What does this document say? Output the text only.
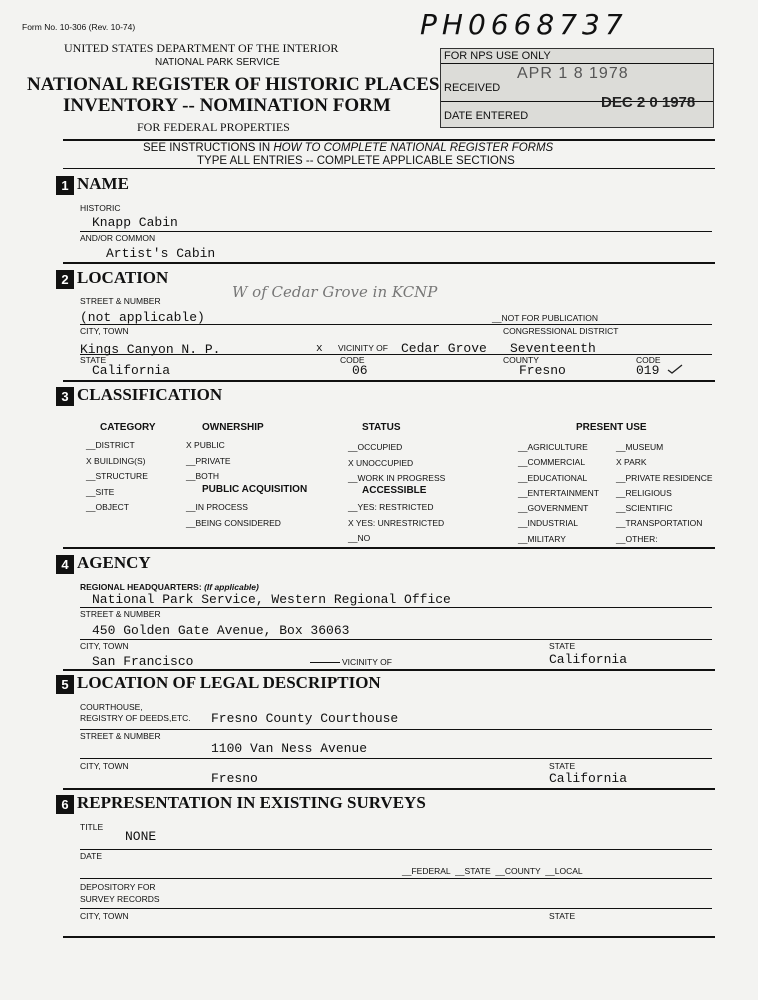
Form No. 10-306 (Rev. 10-74)
UNITED STATES DEPARTMENT OF THE INTERIOR
NATIONAL PARK SERVICE
NATIONAL REGISTER OF HISTORIC PLACES
INVENTORY -- NOMINATION FORM
FOR FEDERAL PROPERTIES
PH0668737
FOR NPS USE ONLY
RECEIVED
APR 1 8 1978
DATE ENTERED
DEC 2 0 1978
SEE INSTRUCTIONS IN HOW TO COMPLETE NATIONAL REGISTER FORMS
TYPE ALL ENTRIES -- COMPLETE APPLICABLE SECTIONS
1 NAME
HISTORIC
Knapp Cabin
AND/OR COMMON
Artist's Cabin
2 LOCATION
STREET & NUMBER	W of Cedar Grove in KCNP
(not applicable)	__NOT FOR PUBLICATION
CITY, TOWN	CONGRESSIONAL DISTRICT
Kings Canyon N. P.	x VICINITY OF Cedar Grove Seventeenth
STATE	CODE	COUNTY	CODE
California	06	Fresno	019
3 CLASSIFICATION
CATEGORY
__DISTRICT
X BUILDING(S)
__STRUCTURE
__SITE
__OBJECT
OWNERSHIP
X PUBLIC
__PRIVATE
__BOTH
PUBLIC ACQUISITION
__IN PROCESS
__BEING CONSIDERED
STATUS
__OCCUPIED
X UNOCCUPIED
__WORK IN PROGRESS
ACCESSIBLE
__YES: RESTRICTED
X YES: UNRESTRICTED
__NO
PRESENT USE
__AGRICULTURE
__COMMERCIAL
__EDUCATIONAL
__ENTERTAINMENT
__GOVERNMENT
__INDUSTRIAL
__MILITARY
__MUSEUM
X PARK
__PRIVATE RESIDENCE
__RELIGIOUS
__SCIENTIFIC
__TRANSPORTATION
__OTHER:
4 AGENCY
REGIONAL HEADQUARTERS: (If applicable)
National Park Service, Western Regional Office
STREET & NUMBER
450 Golden Gate Avenue, Box 36063
CITY, TOWN	STATE
San Francisco	VICINITY OF	California
5 LOCATION OF LEGAL DESCRIPTION
COURTHOUSE,
REGISTRY OF DEEDS,ETC. Fresno County Courthouse
STREET & NUMBER
1100 Van Ness Avenue
CITY, TOWN	STATE
Fresno	California
6 REPRESENTATION IN EXISTING SURVEYS
TITLE
NONE
DATE
__FEDERAL  __STATE  __COUNTY  __LOCAL
DEPOSITORY FOR
SURVEY RECORDS
CITY, TOWN	STATE
